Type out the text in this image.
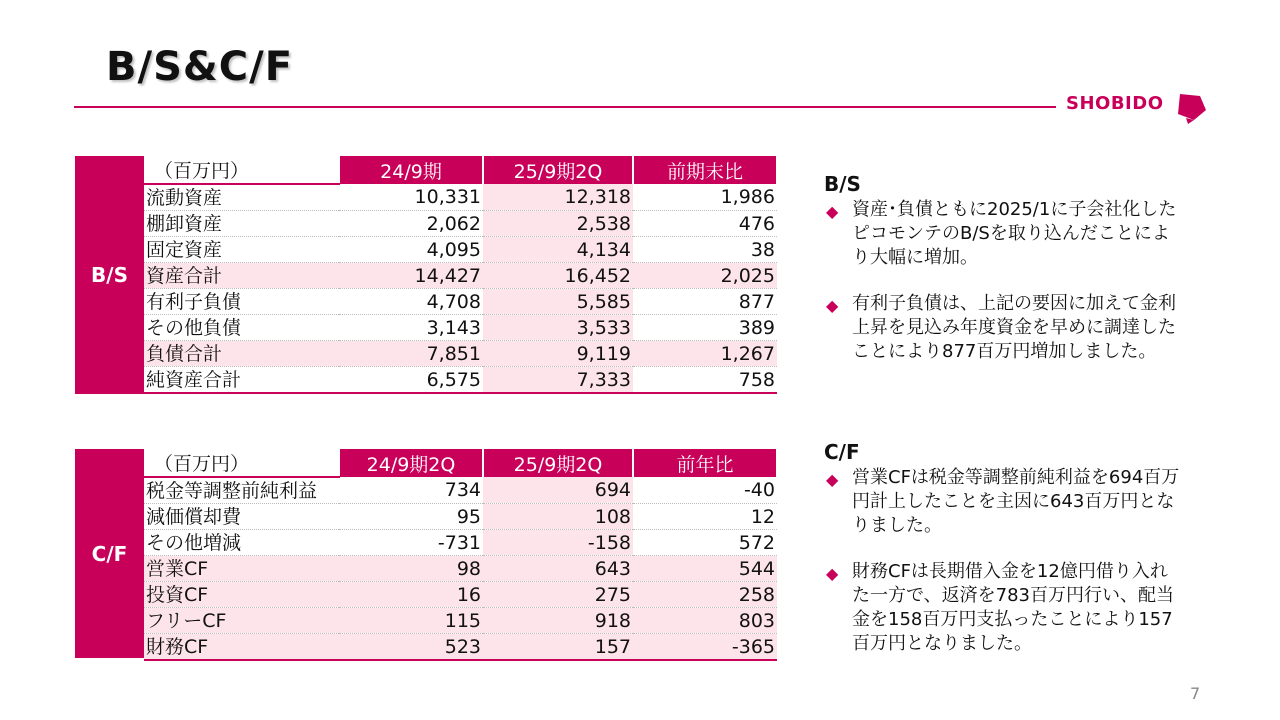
B/S&C/F
SHOBIDO
B/S
（百万円）	24/9期	25/9期2Q	前期末比
流動資産	10,331	12,318	1,986
棚卸資産	2,062	2,538	476
固定資産	4,095	4,134	38
資産合計	14,427	16,452	2,025
有利子負債	4,708	5,585	877
その他負債	3,143	3,533	389
負債合計	7,851	9,119	1,267
純資産合計	6,575	7,333	758
C/F
（百万円）	24/9期2Q	25/9期2Q	前年比
税金等調整前純利益	734	694	-40
減価償却費	95	108	12
その他増減	-731	-158	572
営業CF	98	643	544
投資CF	16	275	258
フリーCF	115	918	803
財務CF	523	157	-365
B/S
◆ 資産･負債ともに2025/1に子会社化したピコモンテのB/Sを取り込んだことにより大幅に増加。
◆ 有利子負債は、上記の要因に加えて金利上昇を見込み年度資金を早めに調達したことにより877百万円増加しました。
C/F
◆ 営業CFは税金等調整前純利益を694百万円計上したことを主因に643百万円となりました。
◆ 財務CFは長期借入金を12億円借り入れた一方で、返済を783百万円行い、配当金を158百万円支払ったことにより157百万円となりました。
7
